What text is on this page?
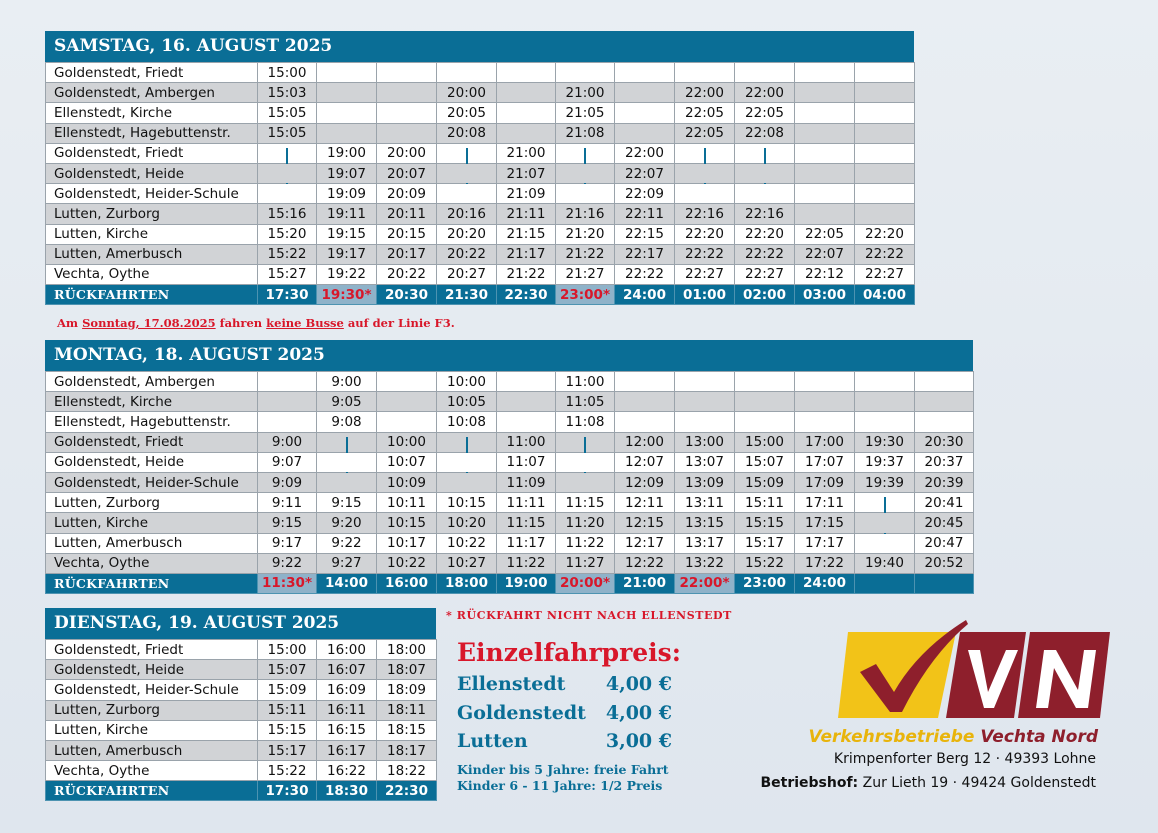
SAMSTAG, 16. AUGUST 2025
Goldenstedt, Friedt	15:00										
Goldenstedt, Ambergen	15:03			20:00		21:00		22:00	22:00		
Ellenstedt, Kirche	15:05			20:05		21:05		22:05	22:05		
Ellenstedt, Hagebuttenstr.	15:05			20:08		21:08		22:05	22:08		
Goldenstedt, Friedt		19:00	20:00		21:00		22:00	

Goldenstedt, Heide		19:07	20:07		21:07		22:07				
Goldenstedt, Heider-Schule		19:09	20:09		21:09		22:09				
Lutten, Zurborg	15:16	19:11	20:11	20:16	21:11	21:16	22:11	22:16	22:16		
Lutten, Kirche	15:20	19:15	20:15	20:20	21:15	21:20	22:15	22:20	22:20	22:05	22:20
Lutten, Amerbusch	15:22	19:17	20:17	20:22	21:17	21:22	22:17	22:22	22:22	22:07	22:22
Vechta, Oythe	15:27	19:22	20:22	20:27	21:22	21:27	22:22	22:27	22:27	22:12	22:27
RÜCKFAHRTEN	17:30	19:30*	20:30	21:30	22:30	23:00*	24:00	01:00	02:00	03:00	04:00
Am Sonntag, 17.08.2025 fahren keine Busse auf der Linie F3.
MONTAG, 18. AUGUST 2025
Goldenstedt, Ambergen		9:00		10:00		11:00						
Ellenstedt, Kirche		9:05		10:05		11:05						
Ellenstedt, Hagebuttenstr.		9:08		10:08		11:08						
Goldenstedt, Friedt	9:00		10:00		11:00		12:00	13:00	15:00	17:00	19:30	20:30
Goldenstedt, Heide	9:07		10:07		11:07		12:07	13:07	15:07	17:07	19:37	20:37
Goldenstedt, Heider-Schule	9:09		10:09		11:09		12:09	13:09	15:09	17:09	19:39	20:39
Lutten, Zurborg	9:11	9:15	10:11	10:15	11:11	11:15	12:11	13:11	15:11	17:11		20:41
Lutten, Kirche	9:15	9:20	10:15	10:20	11:15	11:20	12:15	13:15	15:15	17:15		20:45
Lutten, Amerbusch	9:17	9:22	10:17	10:22	11:17	11:22	12:17	13:17	15:17	17:17		20:47
Vechta, Oythe	9:22	9:27	10:22	10:27	11:22	11:27	12:22	13:22	15:22	17:22	19:40	20:52
RÜCKFAHRTEN	11:30*	14:00	16:00	18:00	19:00	20:00*	21:00	22:00*	23:00	24:00		
DIENSTAG, 19. AUGUST 2025
Goldenstedt, Friedt	15:00	16:00	18:00
Goldenstedt, Heide	15:07	16:07	18:07
Goldenstedt, Heider-Schule	15:09	16:09	18:09
Lutten, Zurborg	15:11	16:11	18:11
Lutten, Kirche	15:15	16:15	18:15
Lutten, Amerbusch	15:17	16:17	18:17
Vechta, Oythe	15:22	16:22	18:22
RÜCKFAHRTEN	17:30	18:30	22:30
* RÜCKFAHRT NICHT NACH ELLENSTEDT
Einzelfahrpreis:
Ellenstedt 4,00 €
Goldenstedt 4,00 €
Lutten	3,00 €
Kinder bis 5 Jahre: freie Fahrt
Kinder 6 - 11 Jahre: 1/2 Preis
Verkehrsbetriebe Vechta Nord
Krimpenforter Berg 12 · 49393 Lohne
Betriebshof: Zur Lieth 19 · 49424 Goldenstedt
